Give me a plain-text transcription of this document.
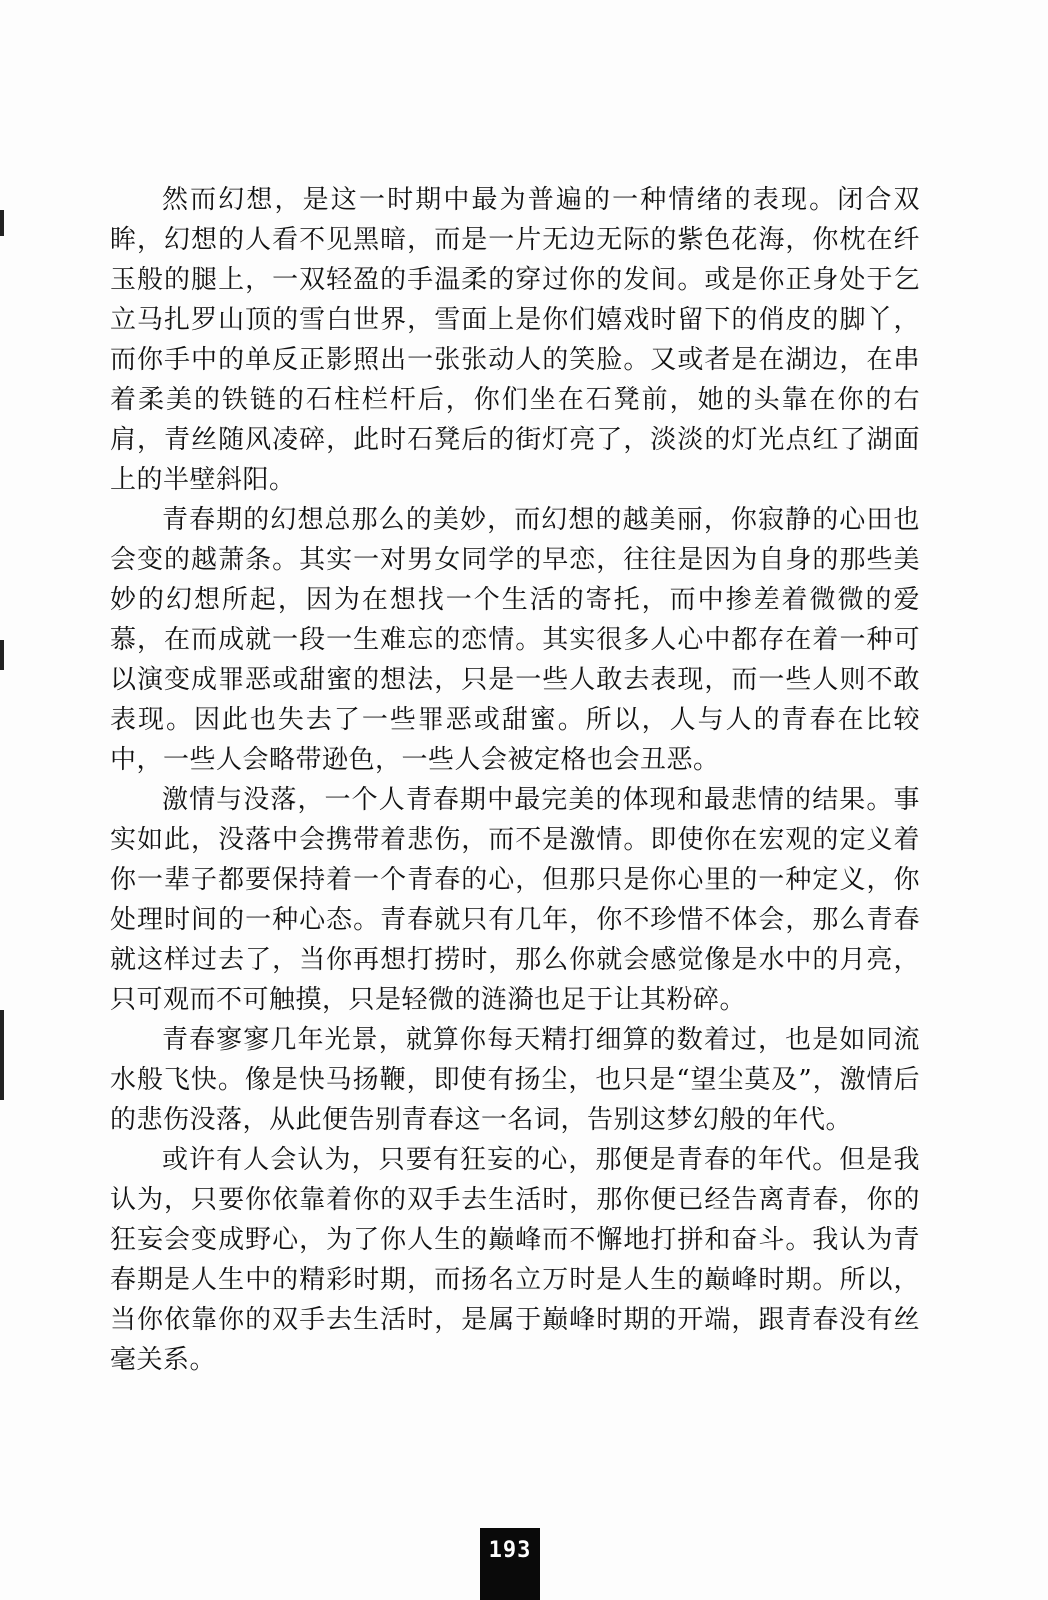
然而幻想，是这一时期中最为普遍的一种情绪的表现。闭合双眸，幻想的人看不见黑暗，而是一片无边无际的紫色花海，你枕在纤玉般的腿上，一双轻盈的手温柔的穿过你的发间。或是你正身处于乞立马扎罗山顶的雪白世界，雪面上是你们嬉戏时留下的俏皮的脚丫，而你手中的单反正影照出一张张动人的笑脸。又或者是在湖边，在串着柔美的铁链的石柱栏杆后，你们坐在石凳前，她的头靠在你的右肩，青丝随风凌碎，此时石凳后的街灯亮了，淡淡的灯光点红了湖面上的半壁斜阳。

青春期的幻想总那么的美妙，而幻想的越美丽，你寂静的心田也会变的越萧条。其实一对男女同学的早恋，往往是因为自身的那些美妙的幻想所起，因为在想找一个生活的寄托，而中掺差着微微的爱慕，在而成就一段一生难忘的恋情。其实很多人心中都存在着一种可以演变成罪恶或甜蜜的想法，只是一些人敢去表现，而一些人则不敢表现。因此也失去了一些罪恶或甜蜜。所以，人与人的青春在比较中，一些人会略带逊色，一些人会被定格也会丑恶。

激情与没落，一个人青春期中最完美的体现和最悲情的结果。事实如此，没落中会携带着悲伤，而不是激情。即使你在宏观的定义着你一辈子都要保持着一个青春的心，但那只是你心里的一种定义，你处理时间的一种心态。青春就只有几年，你不珍惜不体会，那么青春就这样过去了，当你再想打捞时，那么你就会感觉像是水中的月亮，只可观而不可触摸，只是轻微的涟漪也足于让其粉碎。

青春寥寥几年光景，就算你每天精打细算的数着过，也是如同流水般飞快。像是快马扬鞭，即使有扬尘，也只是“望尘莫及”，激情后的悲伤没落，从此便告别青春这一名词，告别这梦幻般的年代。

或许有人会认为，只要有狂妄的心，那便是青春的年代。但是我认为，只要你依靠着你的双手去生活时，那你便已经告离青春，你的狂妄会变成野心，为了你人生的巅峰而不懈地打拼和奋斗。我认为青春期是人生中的精彩时期，而扬名立万时是人生的巅峰时期。所以，当你依靠你的双手去生活时，是属于巅峰时期的开端，跟青春没有丝毫关系。

193
